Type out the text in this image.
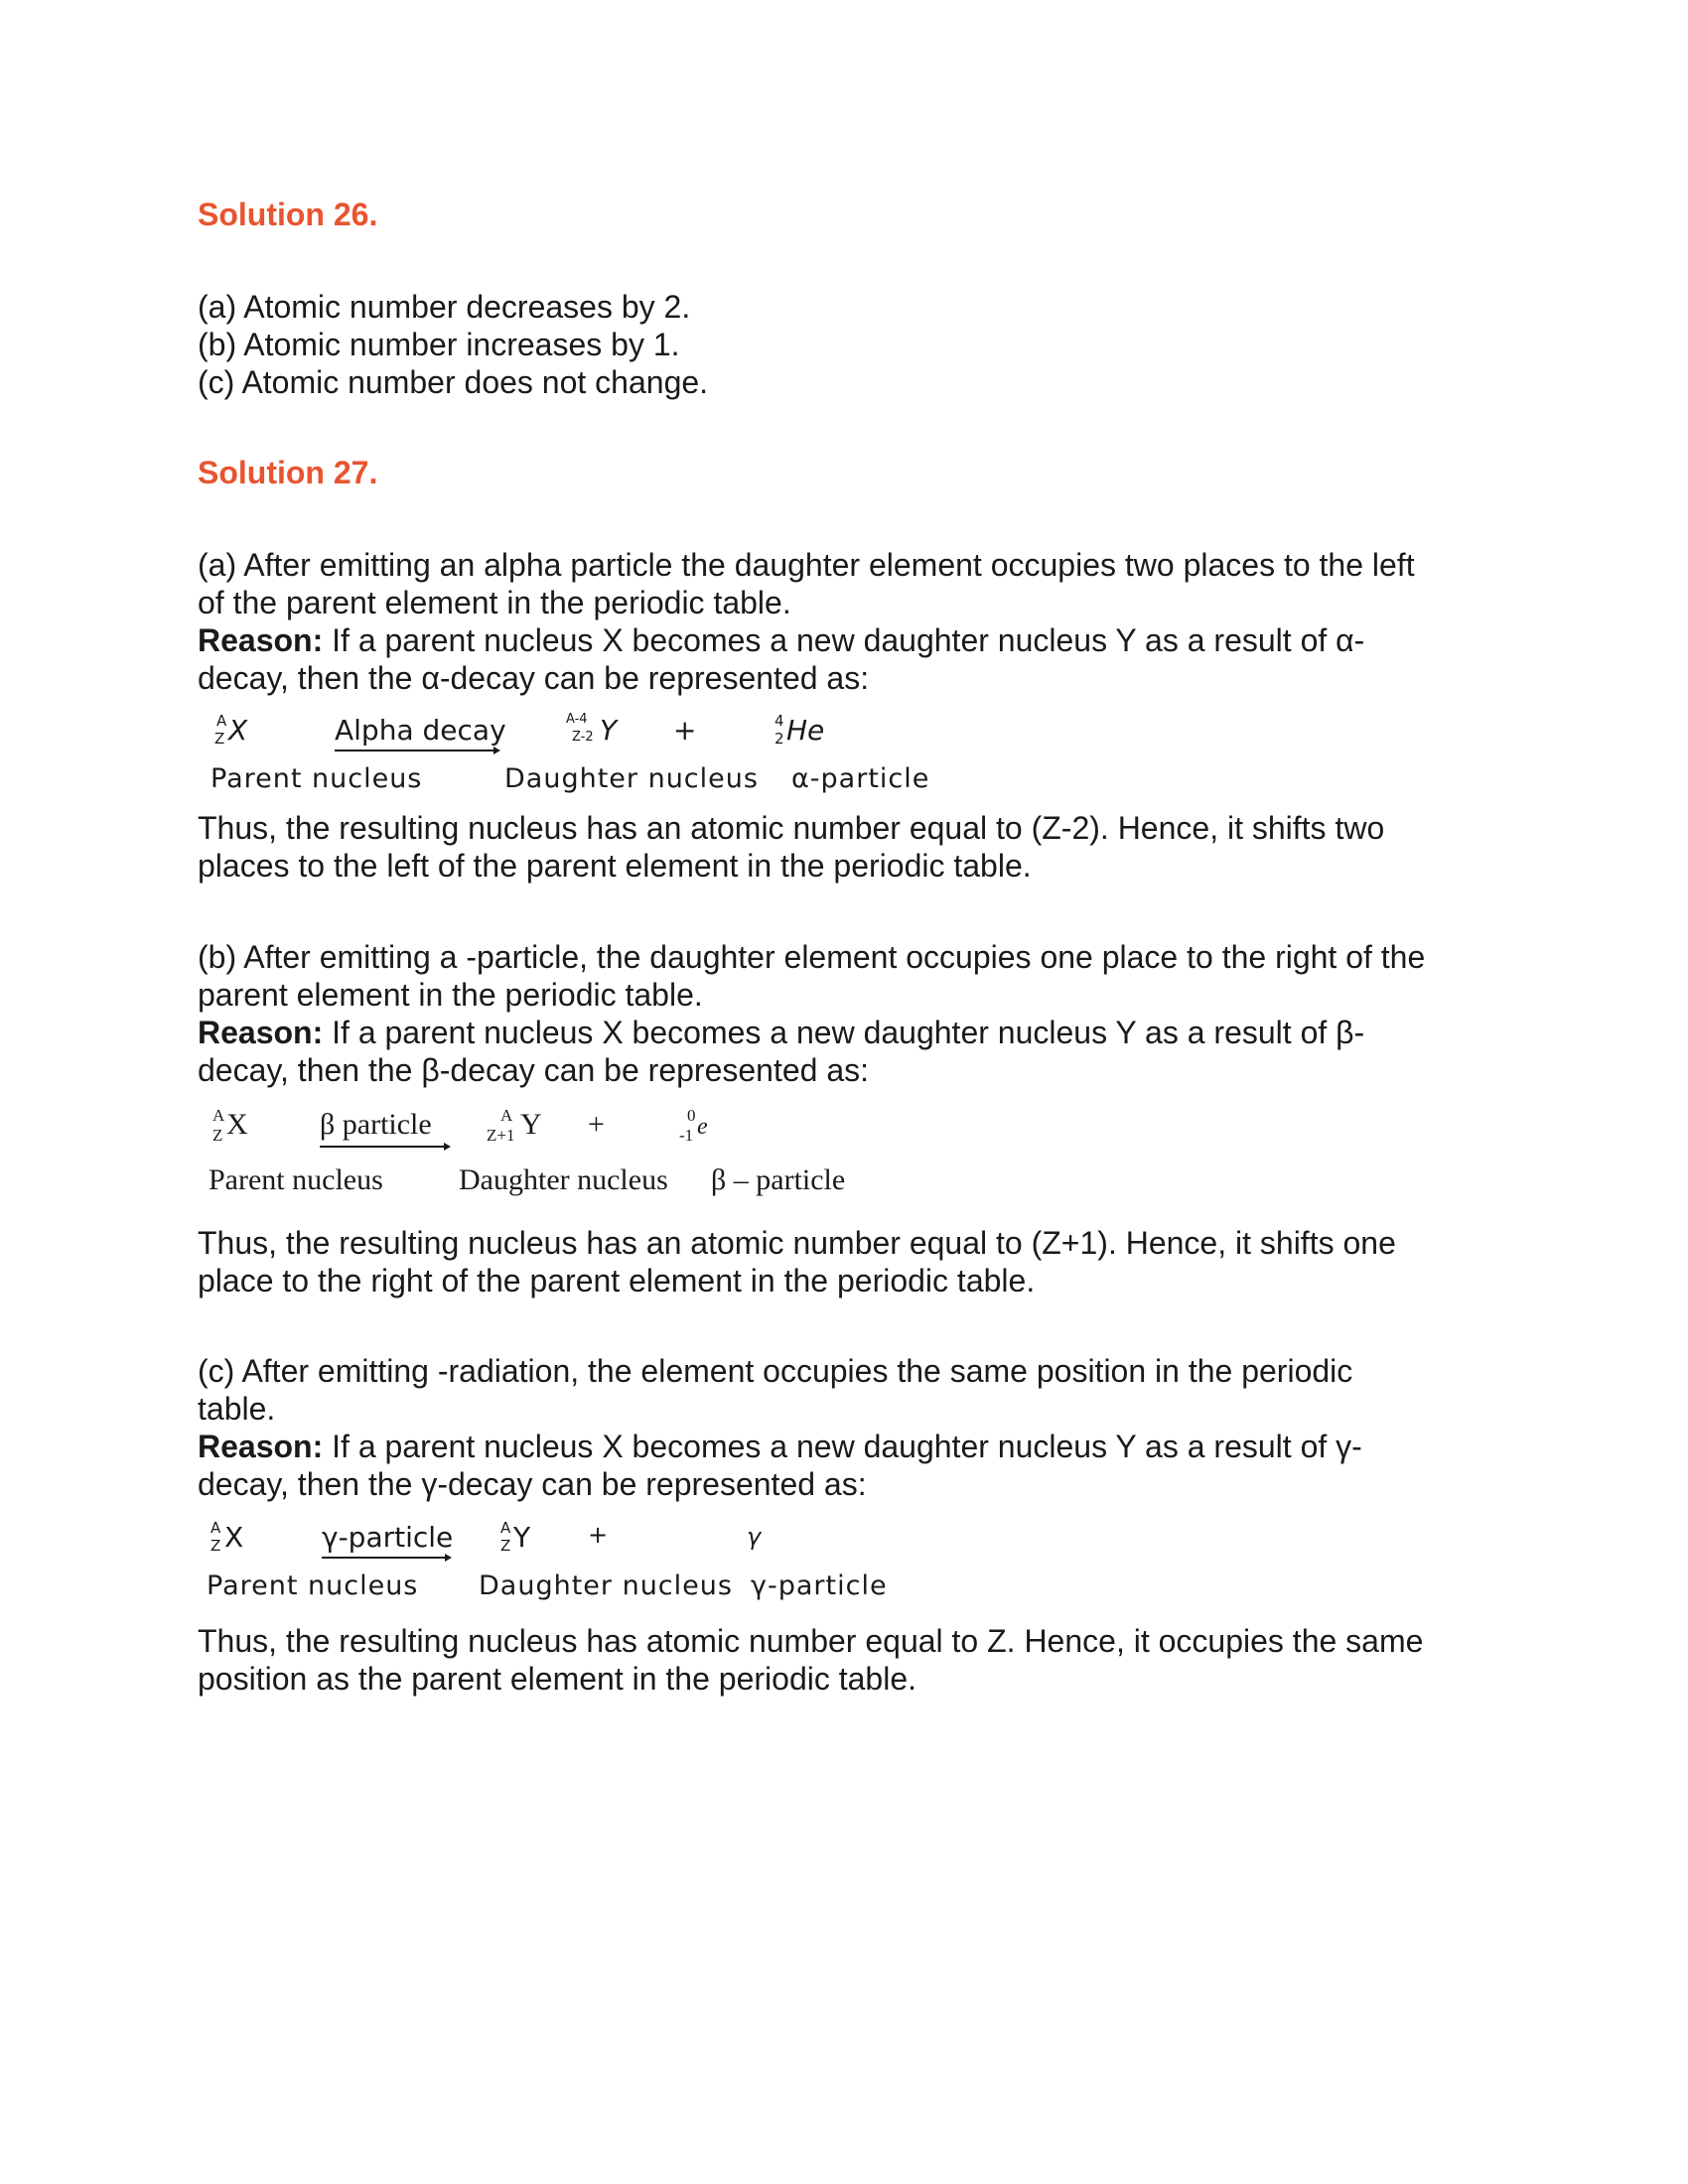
Solution 26.
(a) Atomic number decreases by 2.
(b) Atomic number increases by 1.
(c) Atomic number does not change.
Solution 27.
(a) After emitting an alpha particle the daughter element occupies two places to the left
of the parent element in the periodic table.
Reason: If a parent nucleus X becomes a new daughter nucleus Y as a result of α-
decay, then the α-decay can be represented as:
A
Z X	Alpha decay	A-4
Z-2 Y +	4
2 He
Parent nucleus	Daughter nucleus α-particle
Thus, the resulting nucleus has an atomic number equal to (Z-2). Hence, it shifts two
places to the left of the parent element in the periodic table.
(b) After emitting a -particle, the daughter element occupies one place to the right of the
parent element in the periodic table.
Reason: If a parent nucleus X becomes a new daughter nucleus Y as a result of β-
decay, then the β-decay can be represented as:
A
Z X β particle	A
Z+1 Y +	0
-1 e
Parent nucleus	Daughter nucleus β – particle
Thus, the resulting nucleus has an atomic number equal to (Z+1). Hence, it shifts one
place to the right of the parent element in the periodic table.
(c) After emitting -radiation, the element occupies the same position in the periodic
table.
Reason: If a parent nucleus X becomes a new daughter nucleus Y as a result of γ-
decay, then the γ-decay can be represented as:
A
Z X	γ-particle	A
Z Y +	γ
Parent nucleus Daughter nucleus γ-particle
Thus, the resulting nucleus has atomic number equal to Z. Hence, it occupies the same
position as the parent element in the periodic table.
